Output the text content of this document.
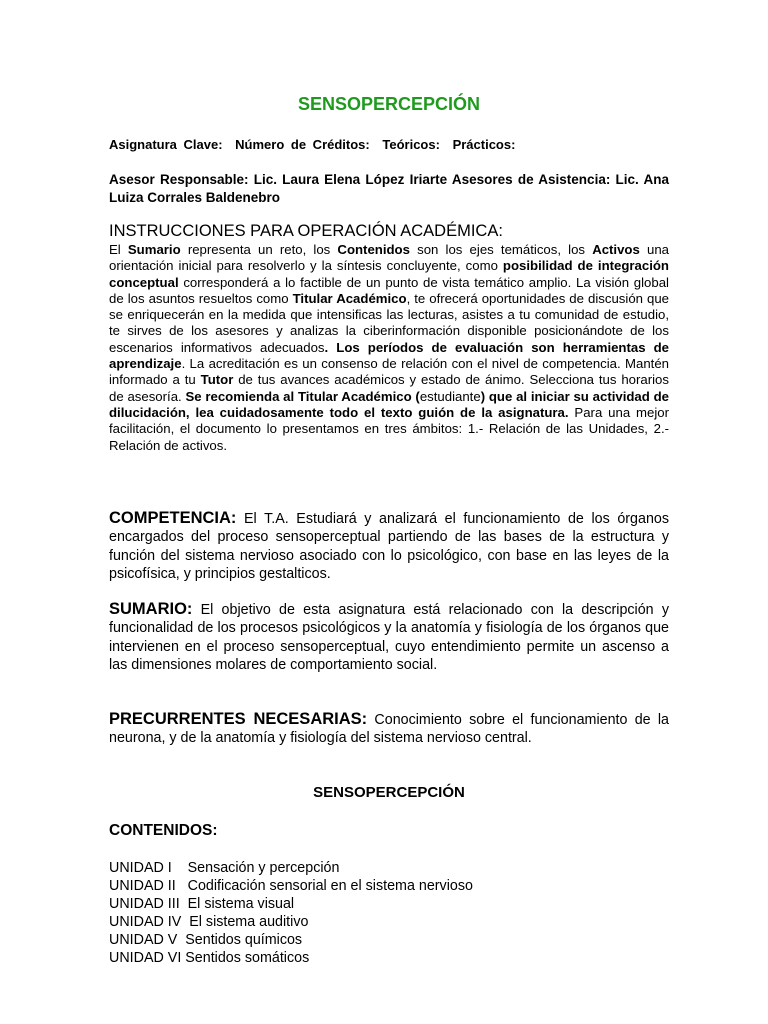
SENSOPERCEPCIÓN
Asignatura Clave: Número de Créditos: Teóricos: Prácticos:
Asesor Responsable: Lic. Laura Elena López Iriarte Asesores de Asistencia: Lic. Ana Luiza Corrales Baldenebro
INSTRUCCIONES PARA OPERACIÓN ACADÉMICA:
El Sumario representa un reto, los Contenidos son los ejes temáticos, los Activos una orientación inicial para resolverlo y la síntesis concluyente, como posibilidad de integración conceptual corresponderá a lo factible de un punto de vista temático amplio. La visión global de los asuntos resueltos como Titular Académico, te ofrecerá oportunidades de discusión que se enriquecerán en la medida que intensificas las lecturas, asistes a tu comunidad de estudio, te sirves de los asesores y analizas la ciberinformación disponible posicionándote de los escenarios informativos adecuados. Los períodos de evaluación son herramientas de aprendizaje. La acreditación es un consenso de relación con el nivel de competencia. Mantén informado a tu Tutor de tus avances académicos y estado de ánimo. Selecciona tus horarios de asesoría. Se recomienda al Titular Académico (estudiante) que al iniciar su actividad de dilucidación, lea cuidadosamente todo el texto guión de la asignatura. Para una mejor facilitación, el documento lo presentamos en tres ámbitos: 1.- Relación de las Unidades, 2.- Relación de activos.
COMPETENCIA: El T.A. Estudiará y analizará el funcionamiento de los órganos encargados del proceso sensoperceptual partiendo de las bases de la estructura y función del sistema nervioso asociado con lo psicológico, con base en las leyes de la psicofísica, y principios gestalticos.
SUMARIO: El objetivo de esta asignatura está relacionado con la descripción y funcionalidad de los procesos psicológicos y la anatomía y fisiología de los órganos que intervienen en el proceso sensoperceptual, cuyo entendimiento permite un ascenso a las dimensiones molares de comportamiento social.
PRECURRENTES NECESARIAS: Conocimiento sobre el funcionamiento de la neurona, y de la anatomía y fisiología del sistema nervioso central.
SENSOPERCEPCIÓN
CONTENIDOS:
UNIDAD I    Sensación y percepción
UNIDAD II   Codificación sensorial en el sistema nervioso
UNIDAD III  El sistema visual
UNIDAD IV  El sistema auditivo
UNIDAD V  Sentidos químicos
UNIDAD VI Sentidos somáticos
